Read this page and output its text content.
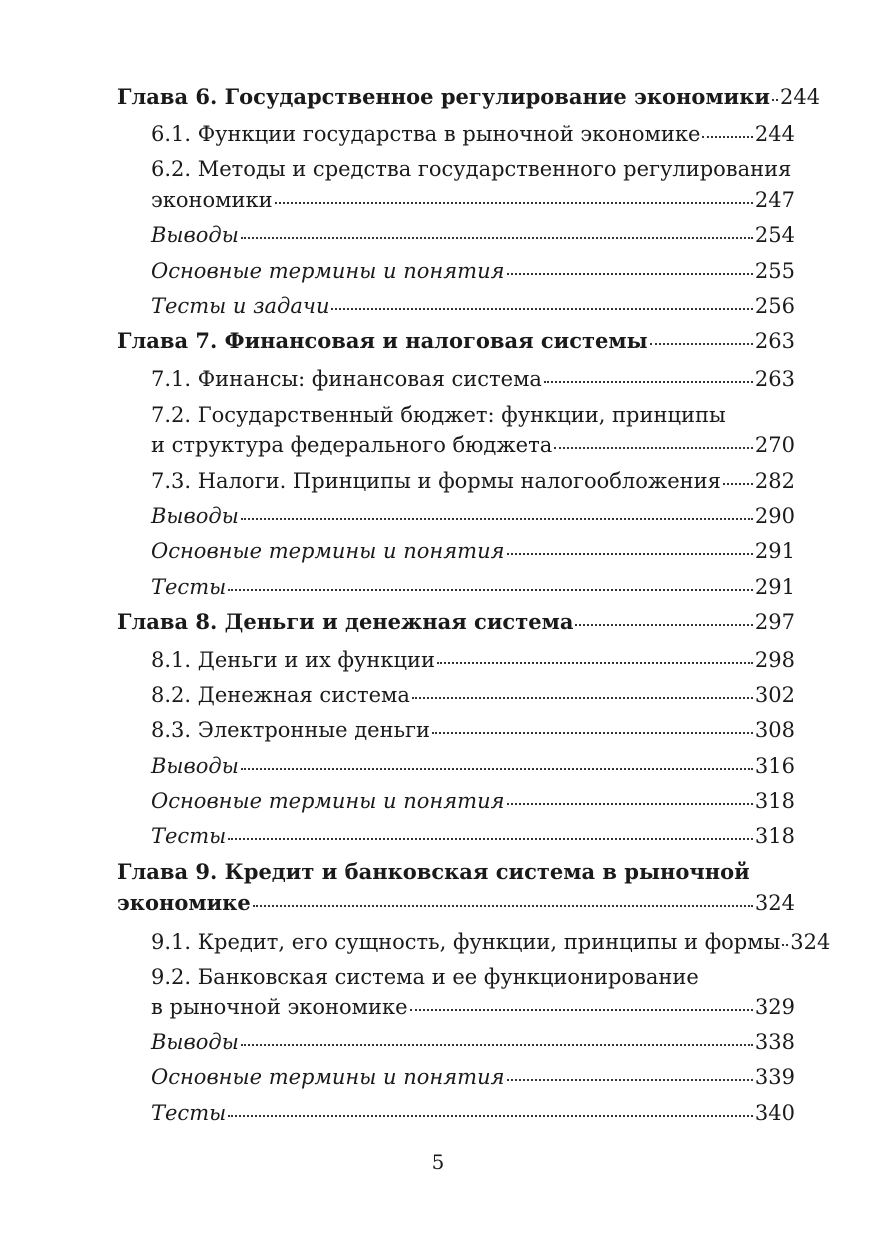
Глава 6. Государственное регулирование экономики 244
6.1. Функции государства в рыночной экономике	244
6.2. Методы и средства государственного регулирования
экономики	247
Выводы	254
Основные термины и понятия	255
Тесты и задачи	256
Глава 7. Финансовая и налоговая системы	263
7.1. Финансы: финансовая система	263
7.2. Государственный бюджет: функции, принципы
и структура федерального бюджета	270
7.3. Налоги. Принципы и формы налогообложения 282
Выводы	290
Основные термины и понятия	291
Тесты	291
Глава 8. Деньги и денежная система	297
8.1. Деньги и их функции	298
8.2. Денежная система	302
8.3. Электронные деньги	308
Выводы	316
Основные термины и понятия	318
Тесты	318
Глава 9. Кредит и банковская система в рыночной
экономике	324
9.1. Кредит, его сущность, функции, принципы и формы 324
9.2. Банковская система и ее функционирование
в рыночной экономике	329
Выводы	338
Основные термины и понятия	339
Тесты	340
5
